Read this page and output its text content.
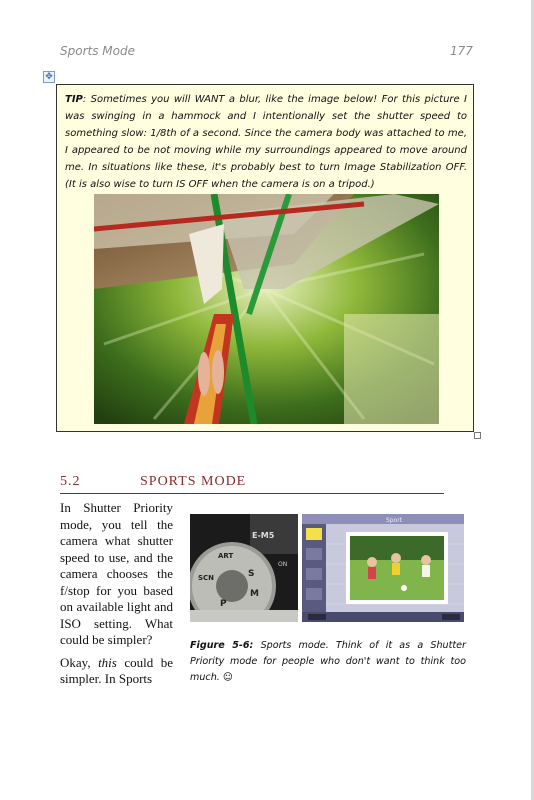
Sports Mode	177
✥
TIP: Sometimes you will WANT a blur, like the image below! For this picture I was swinging in a hammock and I intentionally set the shutter speed to something slow: 1/8th of a second. Since the camera body was attached to me, I appeared to be not moving while my surroundings appeared to move around me. In situations like these, it's probably best to turn Image Stabilization OFF. (It is also wise to turn IS OFF when the camera is on a tripod.)
5.2	SPORTS MODE

In Shutter Priority mode, you tell the camera what shutter speed to use, and the camera chooses the f/stop for you based on available light and ISO setting. What could be simpler?

Okay, this could be simpler. In Sports

ART
SCN
P
S
M
E-M5
ON
Sport
Figure 5-6: Sports mode. Think of it as a Shutter Priority mode for people who don't want to think too much. ☺
